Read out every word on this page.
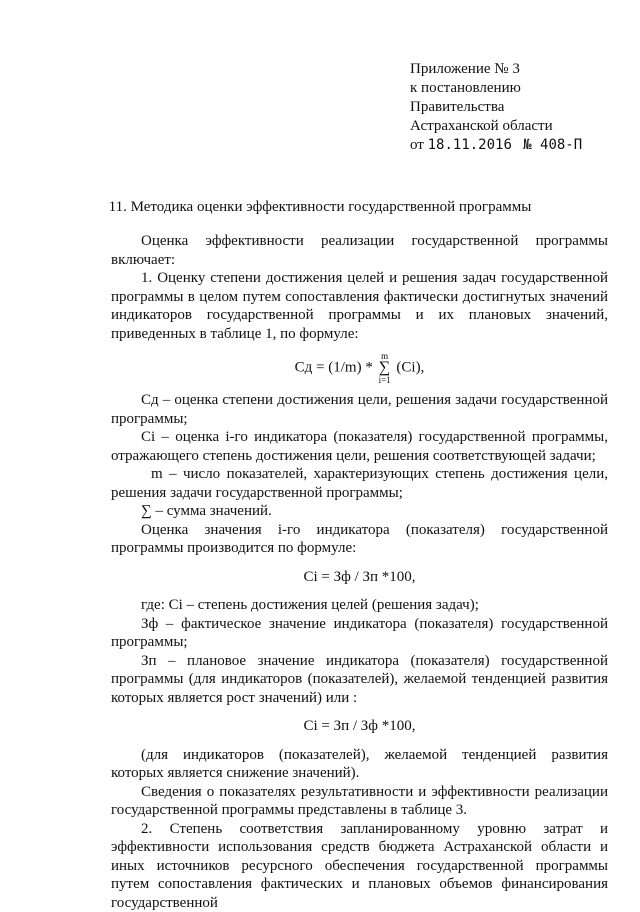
Приложение № 3
к постановлению
Правительства
Астраханской области
от 18.11.2016 № 408-П
11. Методика оценки эффективности государственной программы

Оценка эффективности реализации государственной программы включает:

1. Оценку степени достижения целей и решения задач государственной программы в целом путем сопоставления фактически достигнутых значений индикаторов государственной программы и их плановых значений, приведенных в таблице 1, по формуле:

Сд = (1/m) * m
∑
i=1 (Ci),

Сд – оценка степени достижения цели, решения задачи государственной программы;

Сi – оценка i-го индикатора (показателя) государственной программы, отражающего степень достижения цели, решения соответствующей задачи;

m – число показателей, характеризующих степень достижения цели, решения задачи государственной программы;

∑ – сумма значений.

Оценка значения i-го индикатора (показателя) государственной программы производится по формуле:

Сi = Зф / Зп *100,

где: Сi – степень достижения целей (решения задач);

Зф – фактическое значение индикатора (показателя) государственной программы;

Зп – плановое значение индикатора (показателя) государственной программы (для индикаторов (показателей), желаемой тенденцией развития которых является рост значений) или :

Сi = Зп / Зф *100,

(для индикаторов (показателей), желаемой тенденцией развития которых является снижение значений).

Сведения о показателях результативности и эффективности реализации государственной программы представлены в таблице 3.

2. Степень соответствия запланированному уровню затрат и эффективности использования средств бюджета Астраханской области и иных источников ресурсного обеспечения государственной программы путем сопоставления фактических и плановых объемов финансирования государственной
